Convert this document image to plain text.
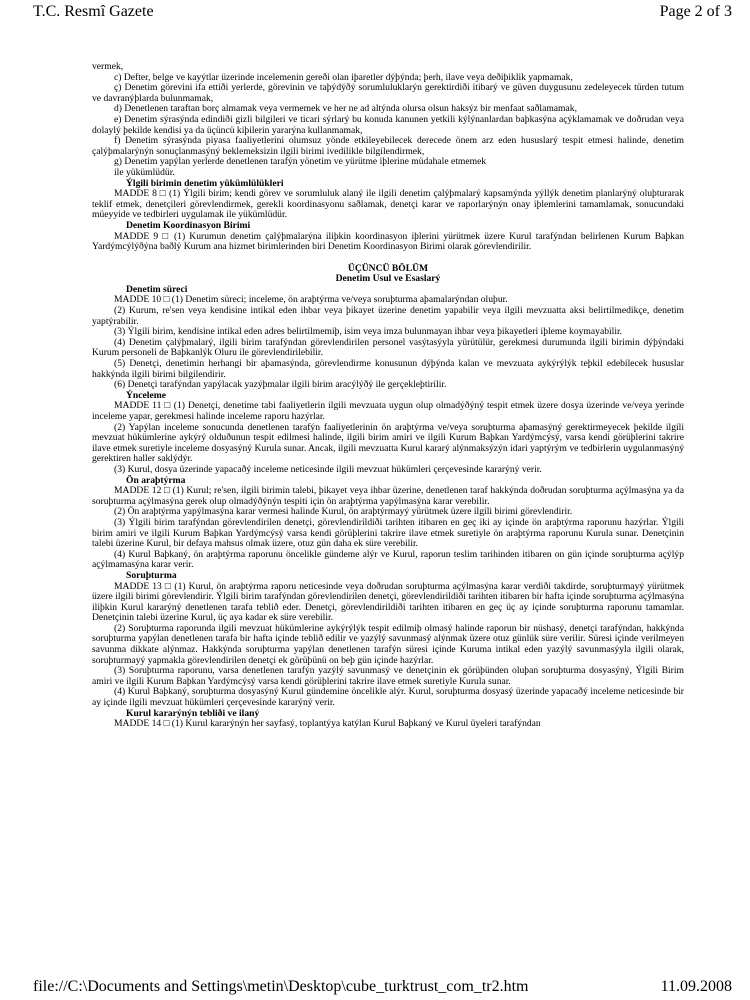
T.C. Resmî Gazete	Page 2 of 3

vermek,

c) Defter, belge ve kayýtlar üzerinde incelemenin gereði olan iþaretler dýþýnda; þerh, ilave veya deðiþiklik yapmamak,

ç) Denetim görevini ifa ettiði yerlerde, görevinin ve taþýdýðý sorumluluklarýn gerektirdiði itibarý ve güven duygusunu zedeleyecek türden tutum ve davranýþlarda bulunmamak,

d) Denetlenen taraftan borç almamak veya vermemek ve her ne ad altýnda olursa olsun haksýz bir menfaat saðlamamak,

e) Denetim sýrasýnda edindiði gizli bilgileri ve ticari sýrlarý bu konuda kanunen yetkili kýlýnanlardan baþkasýna açýklamamak ve doðrudan veya dolaylý þekilde kendisi ya da üçüncü kiþilerin yararýna kullanmamak,

f) Denetim sýrasýnda piyasa faaliyetlerini olumsuz yönde etkileyebilecek derecede önem arz eden hususlarý tespit etmesi halinde, denetim çalýþmalarýnýn sonuçlanmasýný beklemeksizin ilgili birimi ivedilikle bilgilendirmek,

g) Denetim yapýlan yerlerde denetlenen tarafýn yönetim ve yürütme iþlerine müdahale etmemek

ile yükümlüdür.

Ýlgili birimin denetim yükümlülükleri

MADDE 8 □ (1) Ýlgili birim; kendi görev ve sorumluluk alaný ile ilgili denetim çalýþmalarý kapsamýnda yýllýk denetim planlarýný oluþturarak teklif etmek, denetçileri görevlendirmek, gerekli koordinasyonu saðlamak, denetçi karar ve raporlarýnýn onay iþlemlerini tamamlamak, sonucundaki müeyyide ve tedbirleri uygulamak ile yükümlüdür.

Denetim Koordinasyon Birimi

MADDE 9 □ (1) Kurumun denetim çalýþmalarýna iliþkin koordinasyon iþlerini yürütmek üzere Kurul tarafýndan belirlenen Kurum Baþkan Yardýmcýlýðýna baðlý Kurum ana hizmet birimlerinden biri Denetim Koordinasyon Birimi olarak görevlendirilir.

ÜÇÜNCÜ BÖLÜM

Denetim Usul ve Esaslarý

Denetim süreci

MADDE 10 □ (1) Denetim süreci; inceleme, ön araþtýrma ve/veya soruþturma aþamalarýndan oluþur.

(2) Kurum, re'sen veya kendisine intikal eden ihbar veya þikayet üzerine denetim yapabilir veya ilgili mevzuatta aksi belirtilmedikçe, denetim yaptýrabilir.

(3) Ýlgili birim, kendisine intikal eden adres belirtilmemiþ, isim veya imza bulunmayan ihbar veya þikayetleri iþleme koymayabilir.

(4) Denetim çalýþmalarý, ilgili birim tarafýndan görevlendirilen personel vasýtasýyla yürütülür, gerekmesi durumunda ilgili birimin dýþýndaki Kurum personeli de Baþkanlýk Oluru ile görevlendirilebilir.

(5) Denetçi, denetimin herhangi bir aþamasýnda, görevlendirme konusunun dýþýnda kalan ve mevzuata aykýrýlýk teþkil edebilecek hususlar hakkýnda ilgili birimi bilgilendirir.

(6) Denetçi tarafýndan yapýlacak yazýþmalar ilgili birim aracýlýðý ile gerçekleþtirilir.

Ýnceleme

MADDE 11 □ (1) Denetçi, denetime tabi faaliyetlerin ilgili mevzuata uygun olup olmadýðýný tespit etmek üzere dosya üzerinde ve/veya yerinde inceleme yapar, gerekmesi halinde inceleme raporu hazýrlar.

(2) Yapýlan inceleme sonucunda denetlenen tarafýn faaliyetlerinin ön araþtýrma ve/veya soruþturma aþamasýný gerektirmeyecek þekilde ilgili mevzuat hükümlerine aykýrý olduðunun tespit edilmesi halinde, ilgili birim amiri ve ilgili Kurum Baþkan Yardýmcýsý, varsa kendi görüþlerini takrire ilave etmek suretiyle inceleme dosyasýný Kurula sunar. Ancak, ilgili mevzuatta Kurul kararý alýnmaksýzýn idari yaptýrým ve tedbirlerin uygulanmasýný gerektiren haller saklýdýr.

(3) Kurul, dosya üzerinde yapacaðý inceleme neticesinde ilgili mevzuat hükümleri çerçevesinde kararýný verir.

Ön araþtýrma

MADDE 12 □ (1) Kurul; re'sen, ilgili birimin talebi, þikayet veya ihbar üzerine, denetlenen taraf hakkýnda doðrudan soruþturma açýlmasýna ya da soruþturma açýlmasýna gerek olup olmadýðýnýn tespiti için ön araþtýrma yapýlmasýna karar verebilir.

(2) Ön araþtýrma yapýlmasýna karar vermesi halinde Kurul, ön araþtýrmayý yürütmek üzere ilgili birimi görevlendirir.

(3) Ýlgili birim tarafýndan görevlendirilen denetçi, görevlendirildiði tarihten itibaren en geç iki ay içinde ön araþtýrma raporunu hazýrlar. Ýlgili birim amiri ve ilgili Kurum Baþkan Yardýmcýsý varsa kendi görüþlerini takrire ilave etmek suretiyle ön araþtýrma raporunu Kurula sunar. Denetçinin talebi üzerine Kurul, bir defaya mahsus olmak üzere, otuz gün daha ek süre verebilir.

(4) Kurul Baþkaný, ön araþtýrma raporunu öncelikle gündeme alýr ve Kurul, raporun teslim tarihinden itibaren on gün içinde soruþturma açýlýp açýlmamasýna karar verir.

Soruþturma

MADDE 13 □ (1) Kurul, ön araþtýrma raporu neticesinde veya doðrudan soruþturma açýlmasýna karar verdiði takdirde, soruþturmayý yürütmek üzere ilgili birimi görevlendirir. Ýlgili birim tarafýndan görevlendirilen denetçi, görevlendirildiði tarihten itibaren bir hafta içinde soruþturma açýlmasýna iliþkin Kurul kararýný denetlenen tarafa teblið eder. Denetçi, görevlendirildiði tarihten itibaren en geç üç ay içinde soruþturma raporunu tamamlar. Denetçinin talebi üzerine Kurul, üç aya kadar ek süre verebilir.

(2) Soruþturma raporunda ilgili mevzuat hükümlerine aykýrýlýk tespit edilmiþ olmasý halinde raporun bir nüshasý, denetçi tarafýndan, hakkýnda soruþturma yapýlan denetlenen tarafa bir hafta içinde teblið edilir ve yazýlý savunmasý alýnmak üzere otuz günlük süre verilir. Süresi içinde verilmeyen savunma dikkate alýnmaz. Hakkýnda soruþturma yapýlan denetlenen tarafýn süresi içinde Kuruma intikal eden yazýlý savunmasýyla ilgili olarak, soruþturmayý yapmakla görevlendirilen denetçi ek görüþünü on beþ gün içinde hazýrlar.

(3) Soruþturma raporunu, varsa denetlenen tarafýn yazýlý savunmasý ve denetçinin ek görüþünden oluþan soruþturma dosyasýný, Ýlgili Birim amiri ve ilgili Kurum Baþkan Yardýmcýsý varsa kendi görüþlerini takrire ilave etmek suretiyle Kurula sunar.

(4) Kurul Baþkaný, soruþturma dosyasýný Kurul gündemine öncelikle alýr. Kurul, soruþturma dosyasý üzerinde yapacaðý inceleme neticesinde bir ay içinde ilgili mevzuat hükümleri çerçevesinde kararýný verir.

Kurul kararýnýn tebliði ve ilaný

MADDE 14 □ (1) Kurul kararýnýn her sayfasý, toplantýya katýlan Kurul Baþkaný ve Kurul üyeleri tarafýndan

file://C:\Documents and Settings\metin\Desktop\cube_turktrust_com_tr2.htm	11.09.2008
